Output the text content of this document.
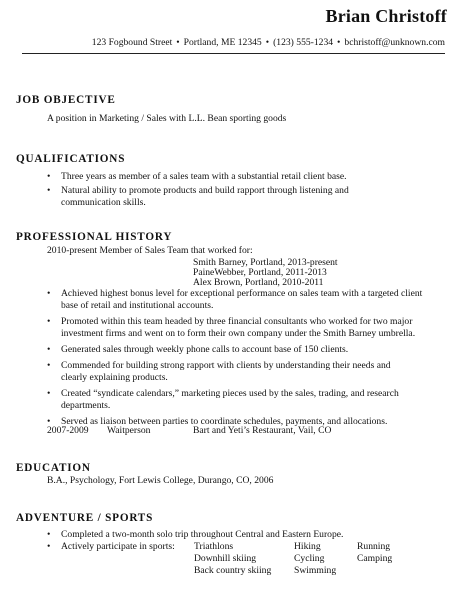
Brian Christoff
123 Fogbound Street • Portland, ME 12345 • (123) 555-1234 • bchristoff@unknown.com
JOB OBJECTIVE
A position in Marketing / Sales with L.L. Bean sporting goods
QUALIFICATIONS
• Three years as member of a sales team with a substantial retail client base.
• Natural ability to promote products and build rapport through listening and communication skills.
PROFESSIONAL HISTORY
2010-present Member of Sales Team that worked for:
Smith Barney, Portland, 2013-present
PaineWebber, Portland, 2011-2013
Alex Brown, Portland, 2010-2011
• Achieved highest bonus level for exceptional performance on sales team with a targeted client base of retail and institutional accounts.
• Promoted within this team headed by three financial consultants who worked for two major investment firms and went on to form their own company under the Smith Barney umbrella.
• Generated sales through weekly phone calls to account base of 150 clients.
• Commended for building strong rapport with clients by understanding their needs and clearly explaining products.
• Created “syndicate calendars,” marketing pieces used by the sales, trading, and research departments.
• Served as liaison between parties to coordinate schedules, payments, and allocations.
2007-2009 Waitperson	Bart and Yeti’s Restaurant, Vail, CO
EDUCATION
B.A., Psychology, Fort Lewis College, Durango, CO, 2006
ADVENTURE / SPORTS
• Completed a two-month solo trip throughout Central and Eastern Europe.
• Actively participate in sports:	Triathlons
Downhill skiing
Back country skiing
Hiking
Cycling
Swimming
Running
Camping
